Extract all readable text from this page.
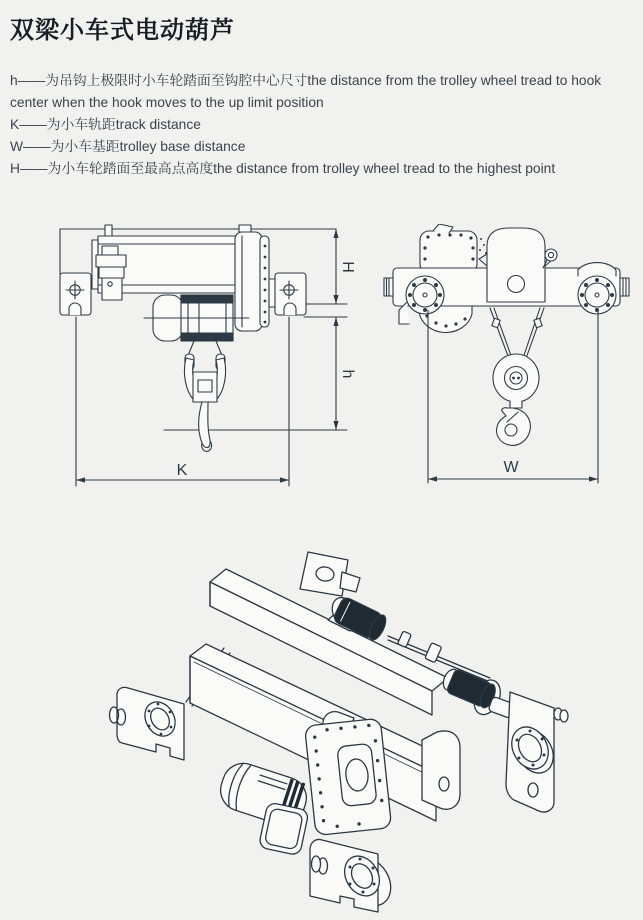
双梁小车式电动葫芦
h——为吊钩上极限时小车轮踏面至钩腔中心尺寸the distance from the trolley wheel tread to hook
center when the hook moves to the up limit position
K——为小车轨距track distance
W——为小车基距trolley base distance
H——为小车轮踏面至最高点高度the distance from trolley wheel tread to the highest point
H
h
K	W
